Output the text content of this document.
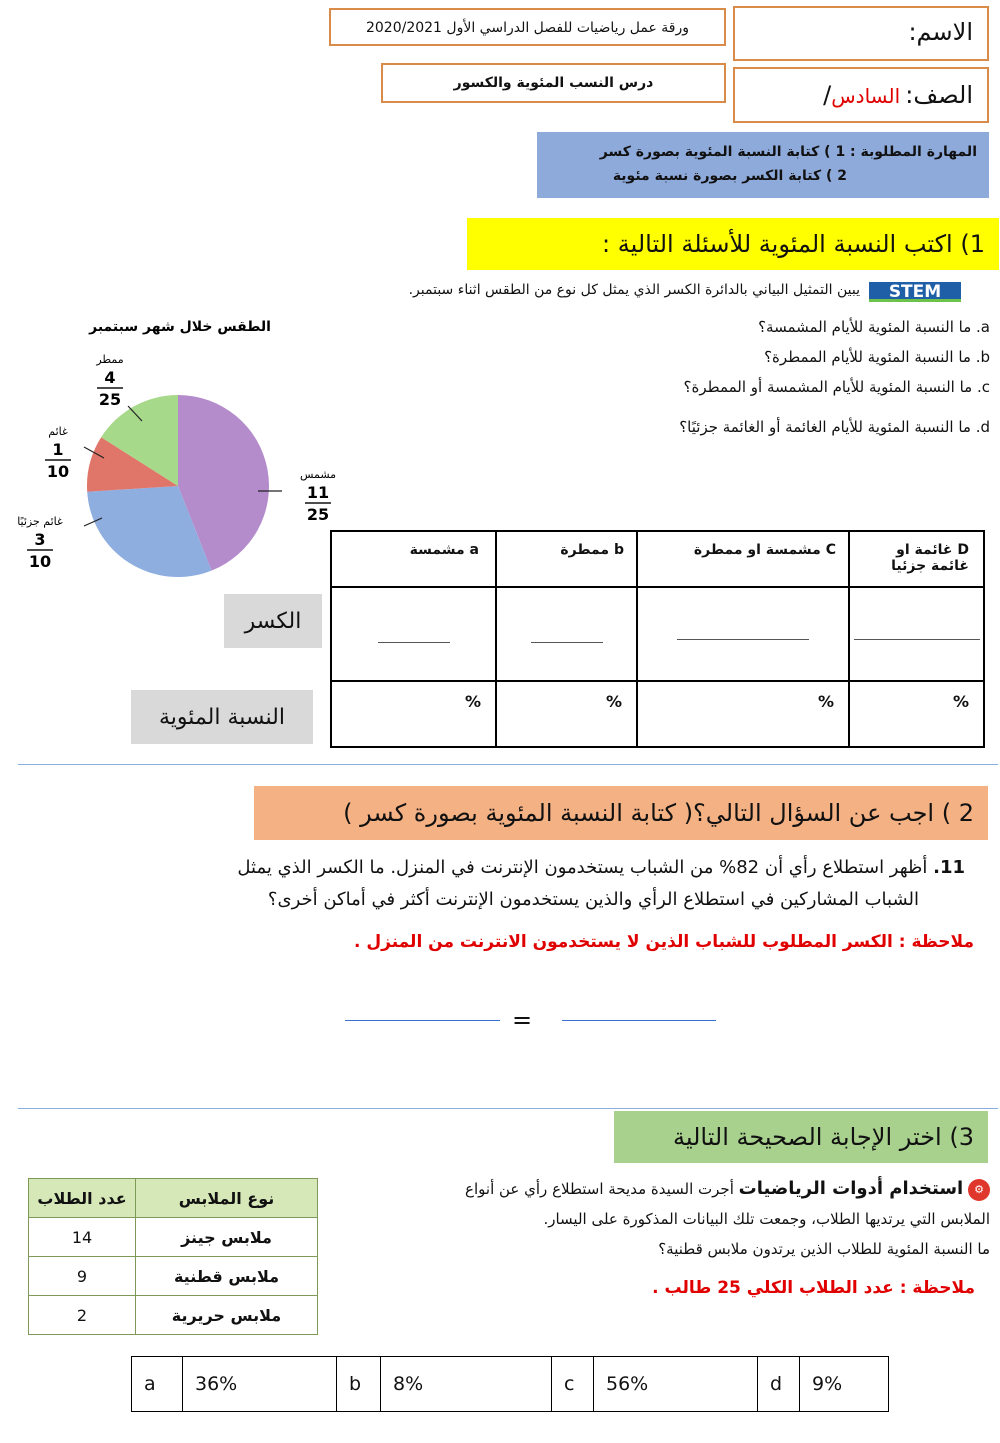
ورقة عمل رياضيات للفصل الدراسي الأول 2020/2021	الاسم:
درس النسب المئوية والكسور	الصف: السادس/
المهارة المطلوبة : 1 ) كتابة النسبة المئوية بصورة كسر
2 ) كتابة الكسر بصورة نسبة مئوية
1) اكتب النسبة المئوية للأسئلة التالية :
STEM
يبين التمثيل البياني بالدائرة الكسر الذي يمثل كل نوع من الطقس اثناء سبتمبر.
a. ما النسبة المئوية للأيام المشمسة؟
b. ما النسبة المئوية للأيام الممطرة؟
c. ما النسبة المئوية للأيام المشمسة أو الممطرة؟
d. ما النسبة المئوية للأيام الغائمة أو الغائمة جزئيًا؟
الطقس خلال شهر سبتمبر
مشمس
11
25
غائم جزئيًا
3
10
غائم
1
10
ممطر
4
25
a مشمسة	b ممطرة	C مشمسة او ممطرة	D غائمة او غائمة جزئيا

%	%	%	%
الكسر
النسبة المئوية
2 ) اجب عن السؤال التالي؟( كتابة النسبة المئوية بصورة كسر )
11. أظهر استطلاع رأي أن 82% من الشباب يستخدمون الإنترنت في المنزل. ما الكسر الذي يمثل
الشباب المشاركين في استطلاع الرأي والذين يستخدمون الإنترنت أكثر في أماكن أخرى؟
ملاحظة : الكسر المطلوب للشباب الذين لا يستخدمون الانترنت من المنزل .
=
3) اختر الإجابة الصحيحة التالية
⚙ استخدام أدوات الرياضيات أجرت السيدة مديحة استطلاع رأي عن أنواع
الملابس التي يرتديها الطلاب، وجمعت تلك البيانات المذكورة على اليسار.
ما النسبة المئوية للطلاب الذين يرتدون ملابس قطنية؟
ملاحظة : عدد الطلاب الكلي 25 طالب .
نوع الملابس	عدد الطلاب
ملابس جينز	14
ملابس قطنية	9
ملابس حريرية	2
a	36%	b	8%	c	56%	d	9%
